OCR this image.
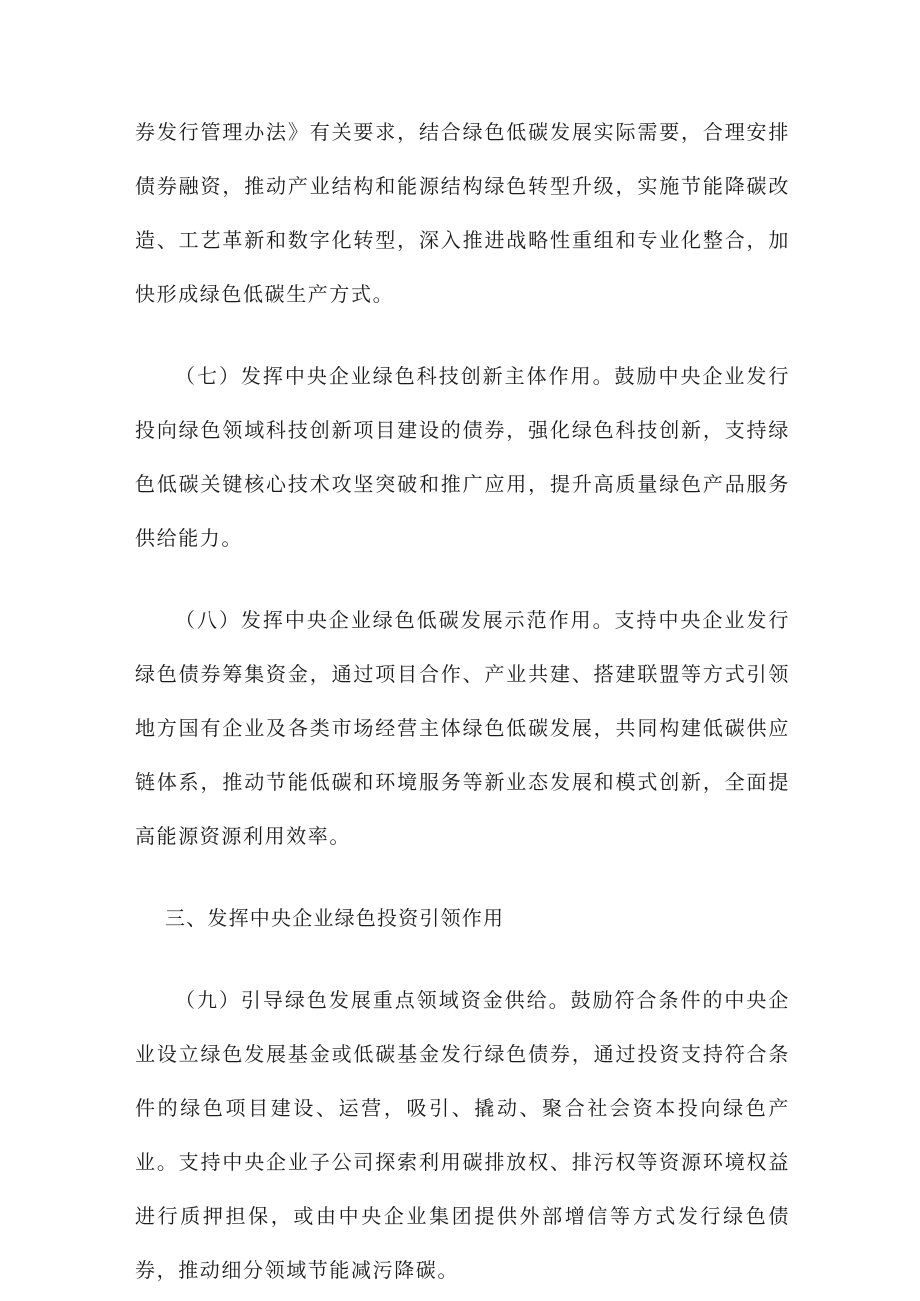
券发行管理办法》有关要求，结合绿色低碳发展实际需要，合理安排债券融资，推动产业结构和能源结构绿色转型升级，实施节能降碳改造、工艺革新和数字化转型，深入推进战略性重组和专业化整合，加快形成绿色低碳生产方式。

（七）发挥中央企业绿色科技创新主体作用。鼓励中央企业发行投向绿色领域科技创新项目建设的债券，强化绿色科技创新，支持绿色低碳关键核心技术攻坚突破和推广应用，提升高质量绿色产品服务供给能力。

（八）发挥中央企业绿色低碳发展示范作用。支持中央企业发行绿色债券筹集资金，通过项目合作、产业共建、搭建联盟等方式引领地方国有企业及各类市场经营主体绿色低碳发展，共同构建低碳供应链体系，推动节能低碳和环境服务等新业态发展和模式创新，全面提高能源资源利用效率。

三、发挥中央企业绿色投资引领作用

（九）引导绿色发展重点领域资金供给。鼓励符合条件的中央企业设立绿色发展基金或低碳基金发行绿色债券，通过投资支持符合条件的绿色项目建设、运营，吸引、撬动、聚合社会资本投向绿色产业。支持中央企业子公司探索利用碳排放权、排污权等资源环境权益进行质押担保，或由中央企业集团提供外部增信等方式发行绿色债券，推动细分领域节能减污降碳。
